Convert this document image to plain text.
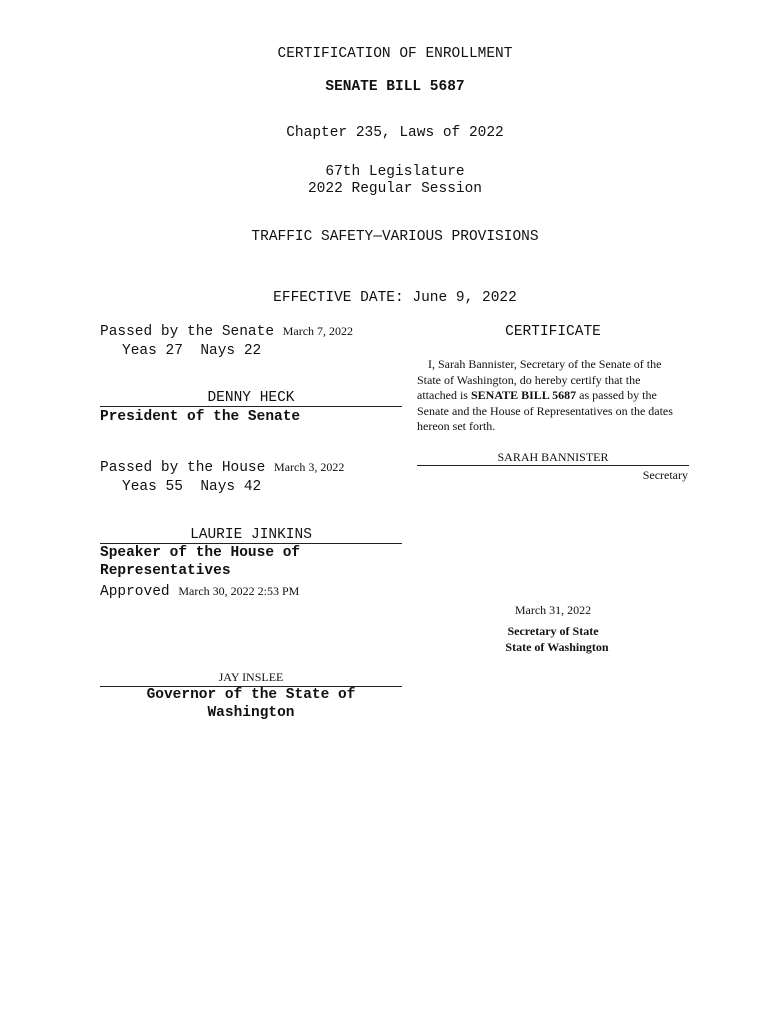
CERTIFICATION OF ENROLLMENT
SENATE BILL 5687
Chapter 235, Laws of 2022
67th Legislature
2022 Regular Session
TRAFFIC SAFETY—VARIOUS PROVISIONS
EFFECTIVE DATE: June 9, 2022
Passed by the Senate March 7, 2022
Yeas 27  Nays 22
DENNY HECK
President of the Senate
Passed by the House March 3, 2022
Yeas 55  Nays 42
LAURIE JINKINS
Speaker of the House of
Representatives
Approved March 30, 2022 2:53 PM
JAY INSLEE
Governor of the State of
Washington
CERTIFICATE
I, Sarah Bannister, Secretary of the Senate of the
State of Washington, do hereby certify that the
attached is SENATE BILL 5687 as passed by the
Senate and the House of Representatives on the dates
hereon set forth.
SARAH BANNISTER
Secretary
March 31, 2022
Secretary of State
State of Washington
